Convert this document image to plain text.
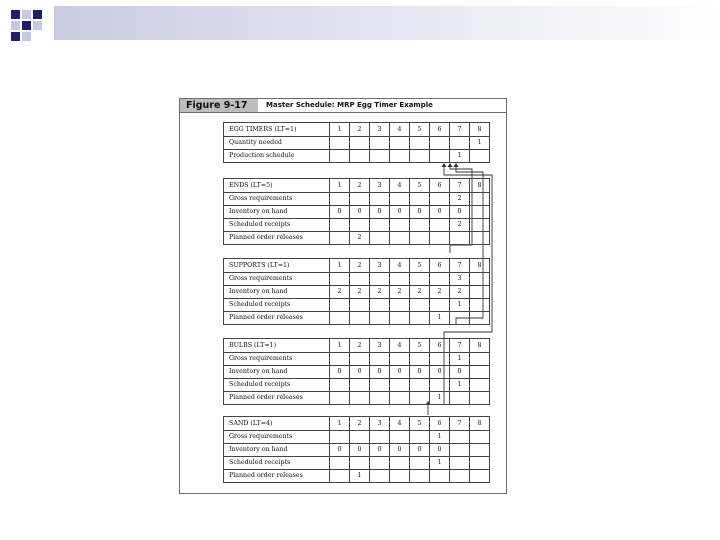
Figure 9-17	Master Schedule: MRP Egg Timer Example
EGG TIMERS (LT=1)	1	2	3	4	5	6	7	8
Quantity needed								1
Production schedule							1	
ENDS (LT=5)	1	2	3	4	5	6	7	8
Gross requirements							2	
Inventory on hand	0	0	0	0	0	0	0	
Scheduled receipts							2	
Planned order releases		2						
SUPPORTS (LT=1)	1	2	3	4	5	6	7	8
Gross requirements							3	
Inventory on hand	2	2	2	2	2	2	2	
Scheduled receipts							1	
Planned order releases						1		
BULBS (LT=1)	1	2	3	4	5	6	7	8
Gross requirements							1	
Inventory on hand	0	0	0	0	0	0	0	
Scheduled receipts							1	
Planned order releases						1		
SAND (LT=4)	1	2	3	4	5	6	7	8
Gross requirements						1		
Inventory on hand	0	0	0	0	0	0		
Scheduled receipts						1		
Planned order releases		1						
